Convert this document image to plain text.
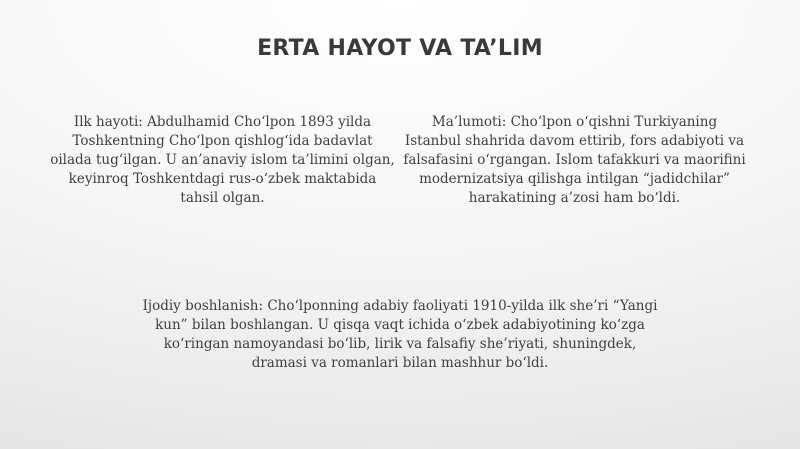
ERTA HAYOT VA TA’LIM
Ilk hayoti: Abdulhamid Choʻlpon 1893 yilda Toshkentning Choʻlpon qishlogʻida badavlat oilada tugʻilgan. U an’anaviy islom ta’limini olgan, keyinroq Toshkentdagi rus-oʻzbek maktabida tahsil olgan.
Ma’lumoti: Choʻlpon oʻqishni Turkiyaning Istanbul shahrida davom ettirib, fors adabiyoti va falsafasini oʻrgangan. Islom tafakkuri va maorifini modernizatsiya qilishga intilgan “jadidchilar” harakatining a’zosi ham boʻldi.
Ijodiy boshlanish: Choʻlponning adabiy faoliyati 1910-yilda ilk she’ri “Yangi kun” bilan boshlangan. U qisqa vaqt ichida oʻzbek adabiyotining koʻzga koʻringan namoyandasi boʻlib, lirik va falsafiy she’riyati, shuningdek, dramasi va romanlari bilan mashhur boʻldi.
